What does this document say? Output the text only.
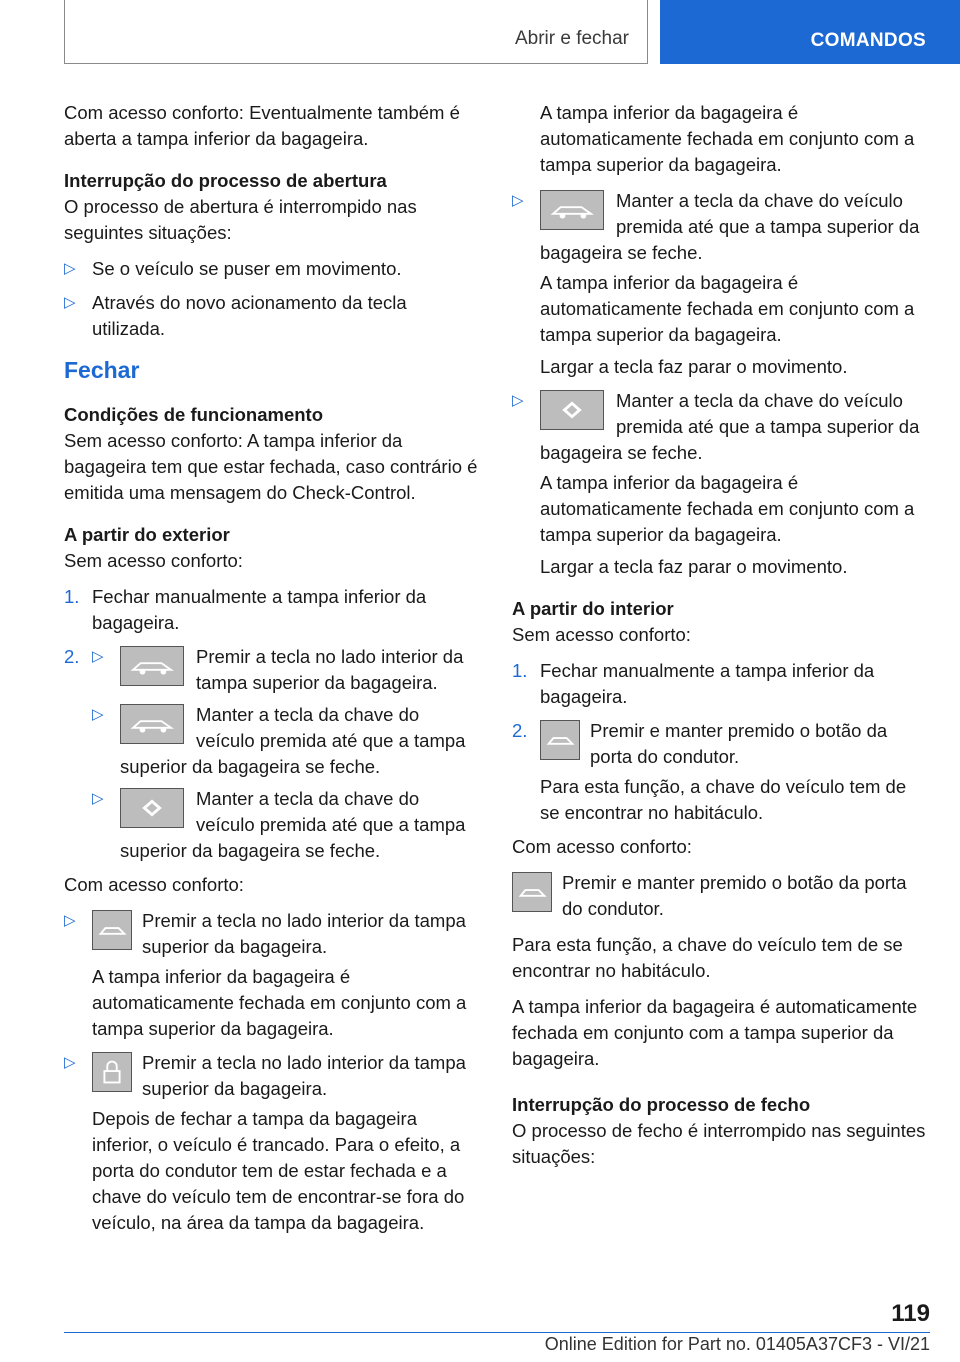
Abrir e fechar	COMANDOS

Com acesso conforto: Eventualmente também é aberta a tampa inferior da bagageira.

Interrupção do processo de abertura

O processo de abertura é interrompido nas seguintes situações:

▷ Se o veículo se puser em movimento.
▷ Através do novo acionamento da tecla utilizada.
Fechar
Condições de funcionamento

Sem acesso conforto: A tampa inferior da bagageira tem que estar fechada, caso contrário é emitida uma mensagem do Check-Control.

A partir do exterior

Sem acesso conforto:

1. Fechar manualmente a tampa inferior da bagageira.
2. ▷	Premir a tecla no lado interior da tampa superior da bagageira.
▷	Manter a tecla da chave do veículo premida até que a tampa superior da bagageira se feche.
▷	Manter a tecla da chave do veículo premida até que a tampa superior da bagageira se feche.

Com acesso conforto:

▷	Premir a tecla no lado interior da tampa superior da bagageira.
A tampa inferior da bagageira é automaticamente fechada em conjunto com a tampa superior da bagageira.
▷	Premir a tecla no lado interior da tampa superior da bagageira.
Depois de fechar a tampa da bagageira inferior, o veículo é trancado. Para o efeito, a porta do condutor tem de estar fechada e a chave do veículo tem de encontrar-se fora do veículo, na área da tampa da bagageira.

A tampa inferior da bagageira é automaticamente fechada em conjunto com a tampa superior da bagageira.

▷	Manter a tecla da chave do veículo premida até que a tampa superior da bagageira se feche.
A tampa inferior da bagageira é automaticamente fechada em conjunto com a tampa superior da bagageira.
Largar a tecla faz parar o movimento.
▷	Manter a tecla da chave do veículo premida até que a tampa superior da bagageira se feche.
A tampa inferior da bagageira é automaticamente fechada em conjunto com a tampa superior da bagageira.
Largar a tecla faz parar o movimento.
A partir do interior

Sem acesso conforto:

1. Fechar manualmente a tampa inferior da bagageira.
2.	Premir e manter premido o botão da porta do condutor.
Para esta função, a chave do veículo tem de se encontrar no habitáculo.

Com acesso conforto:

Premir e manter premido o botão da porta do condutor.

Para esta função, a chave do veículo tem de se encontrar no habitáculo.

A tampa inferior da bagageira é automaticamente fechada em conjunto com a tampa superior da bagageira.

Interrupção do processo de fecho

O processo de fecho é interrompido nas seguintes situações:

119
Online Edition for Part no. 01405A37CF3 - VI/21
